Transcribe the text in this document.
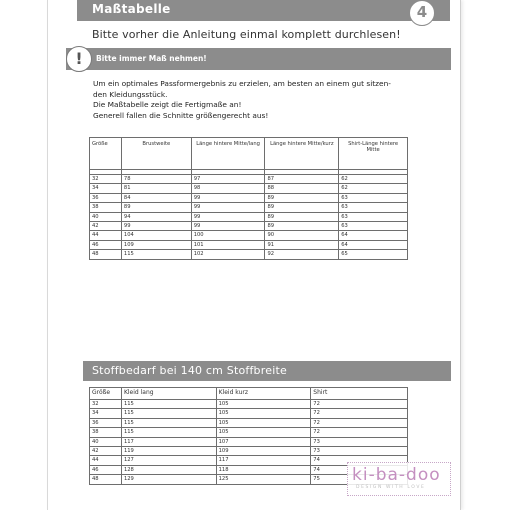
Maßtabelle	4
Bitte vorher die Anleitung einmal komplett durchlesen!
!	Bitte immer Maß nehmen!
Um ein optimales Passformergebnis zu erzielen, am besten an einem gut sitzen-
den Kleidungsstück.
Die Maßtabelle zeigt die Fertigmaße an!
Generell fallen die Schnitte größengerecht aus!
Größe	Brustweite	Länge hintere Mitte/lang	Länge hintere Mitte/kurz	Shirt-Länge hintere Mitte

32	78	97	87	62
34	81	98	88	62
36	84	99	89	63
38	89	99	89	63
40	94	99	89	63
42	99	99	89	63
44	104	100	90	64
46	109	101	91	64
48	115	102	92	65
Stoffbedarf bei 140 cm Stoffbreite
Größe	Kleid lang	Kleid kurz	Shirt
32	115	105	72
34	115	105	72
36	115	105	72
38	115	105	72
40	117	107	73
42	119	109	73
44	127	117	74
46	128	118	74
48	129	125	75 ki-ba-doo
DESIGN WITH LOVE
